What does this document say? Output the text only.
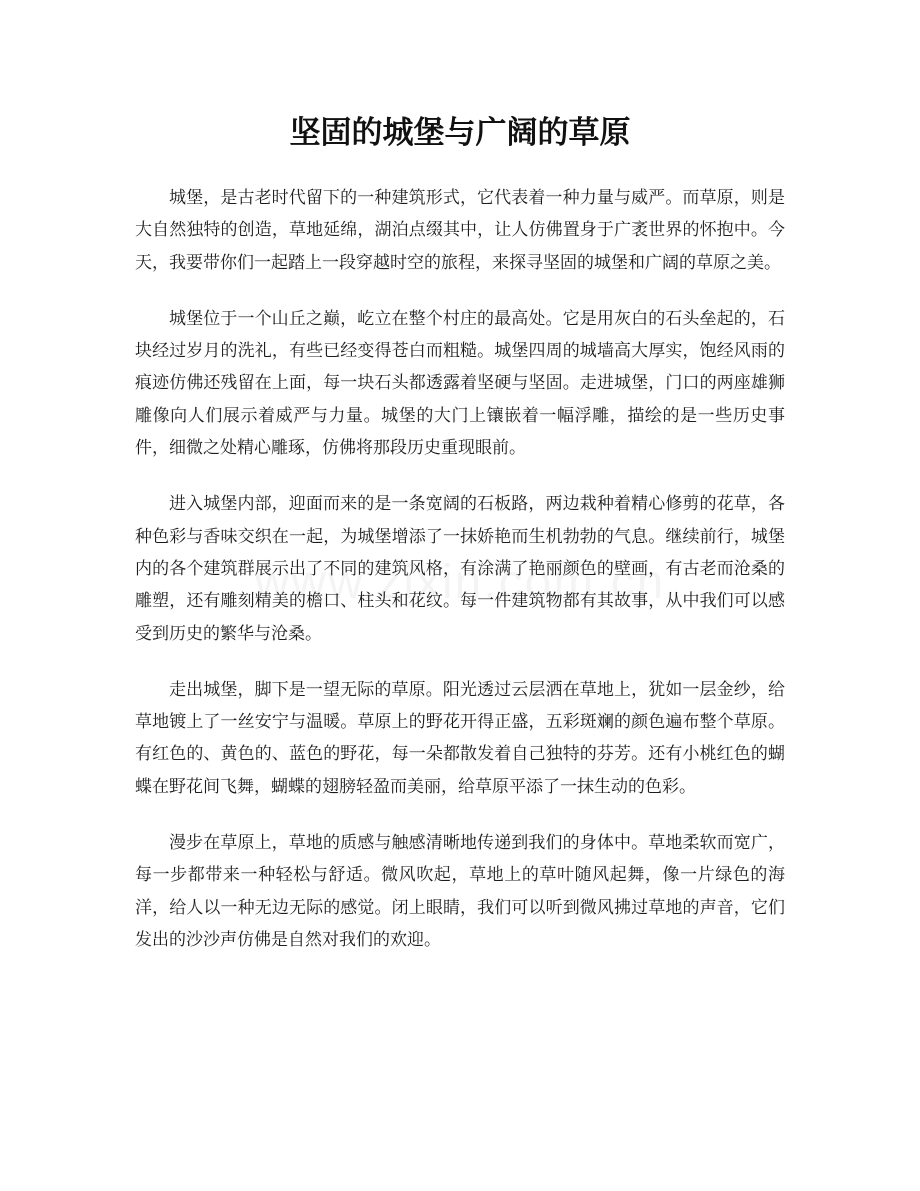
坚固的城堡与广阔的草原

城堡，是古老时代留下的一种建筑形式，它代表着一种力量与威严。而草原，则是大自然独特的创造，草地延绵，湖泊点缀其中，让人仿佛置身于广袤世界的怀抱中。今天，我要带你们一起踏上一段穿越时空的旅程，来探寻坚固的城堡和广阔的草原之美。

城堡位于一个山丘之巅，屹立在整个村庄的最高处。它是用灰白的石头垒起的，石块经过岁月的洗礼，有些已经变得苍白而粗糙。城堡四周的城墙高大厚实，饱经风雨的痕迹仿佛还残留在上面，每一块石头都透露着坚硬与坚固。走进城堡，门口的两座雄狮雕像向人们展示着威严与力量。城堡的大门上镶嵌着一幅浮雕，描绘的是一些历史事件，细微之处精心雕琢，仿佛将那段历史重现眼前。

进入城堡内部，迎面而来的是一条宽阔的石板路，两边栽种着精心修剪的花草，各种色彩与香味交织在一起，为城堡增添了一抹娇艳而生机勃勃的气息。继续前行，城堡内的各个建筑群展示出了不同的建筑风格，有涂满了艳丽颜色的壁画，有古老而沧桑的雕塑，还有雕刻精美的檐口、柱头和花纹。每一件建筑物都有其故事，从中我们可以感受到历史的繁华与沧桑。

走出城堡，脚下是一望无际的草原。阳光透过云层洒在草地上，犹如一层金纱，给草地镀上了一丝安宁与温暖。草原上的野花开得正盛，五彩斑斓的颜色遍布整个草原。有红色的、黄色的、蓝色的野花，每一朵都散发着自己独特的芬芳。还有小桃红色的蝴蝶在野花间飞舞，蝴蝶的翅膀轻盈而美丽，给草原平添了一抹生动的色彩。

漫步在草原上，草地的质感与触感清晰地传递到我们的身体中。草地柔软而宽广，每一步都带来一种轻松与舒适。微风吹起，草地上的草叶随风起舞，像一片绿色的海洋，给人以一种无边无际的感觉。闭上眼睛，我们可以听到微风拂过草地的声音，它们发出的沙沙声仿佛是自然对我们的欢迎。
